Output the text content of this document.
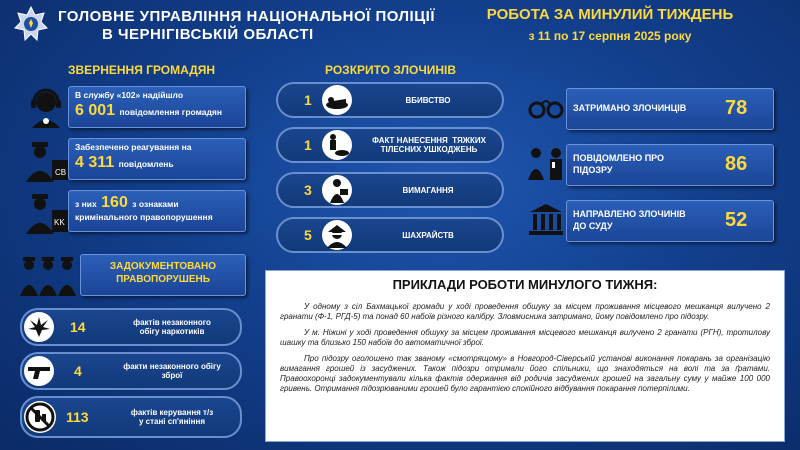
ГОЛОВНЕ УПРАВЛІННЯ НАЦІОНАЛЬНОЇ ПОЛІЦІЇ
В ЧЕРНІГІВСЬКІЙ ОБЛАСТІ
РОБОТА ЗА МИНУЛИЙ ТИЖДЕНЬ
з 11 по 17 серпня 2025 року
ЗВЕРНЕННЯ ГРОМАДЯН
В службу «102» надійшло
6 001 повідомлення громадян
CB
Забезпечено реагування на
4 311 повідомлень
KK
з них 160 з ознаками
кримінального правопорушення
ЗАДОКУМЕНТОВАНО
ПРАВОПОРУШЕНЬ
14	фактів незаконного
обігу наркотиків
4	факти незаконного обігу
зброї
113	фактів керування т/з
у стані сп'яніння
РОЗКРИТО ЗЛОЧИНІВ
1	ВБИВСТВО
1	ФАКТ НАНЕСЕННЯ  ТЯЖКИХ
ТІЛЕСНИХ УШКОДЖЕНЬ
3	ВИМАГАННЯ
5	ШАХРАЙСТВ
ЗАТРИМАНО ЗЛОЧИНЦІВ 78
ПОВІДОМЛЕНО ПРО
ПІДОЗРУ	86
НАПРАВЛЕНО ЗЛОЧИНІВ
ДО СУДУ	52
ПРИКЛАДИ РОБОТИ МИНУЛОГО ТИЖНЯ:
У одному з сіл Бахмацької громади у ході проведення обшуку за місцем проживання місцевого мешканця вилучено 2 гранати (Ф-1, РГД-5) та понад 60 набоїв різного калібру. Зловмисника затримано, йому повідомлено про підозру.
У м. Ніжині у ході проведення обшуку за місцем проживання місцевого мешканця вилучено 2 гранати (РГН), тротилову шашку та близько 150 набоїв до автоматичної зброї.
Про підозру оголошено так званому «смотрящому» в Новгород-Сіверській установі виконання покарань за організацію вимагання грошей із засуджених. Також підозри отримали його спільники, що знаходяться на волі та за ґратами. Правоохоронці задокументували кілька фактів одержання від родичів засуджених грошей на загальну суму у майже 100 000 гривень. Отримання підозрюваними грошей було гарантією спокійного відбування покарання потерпілими.
